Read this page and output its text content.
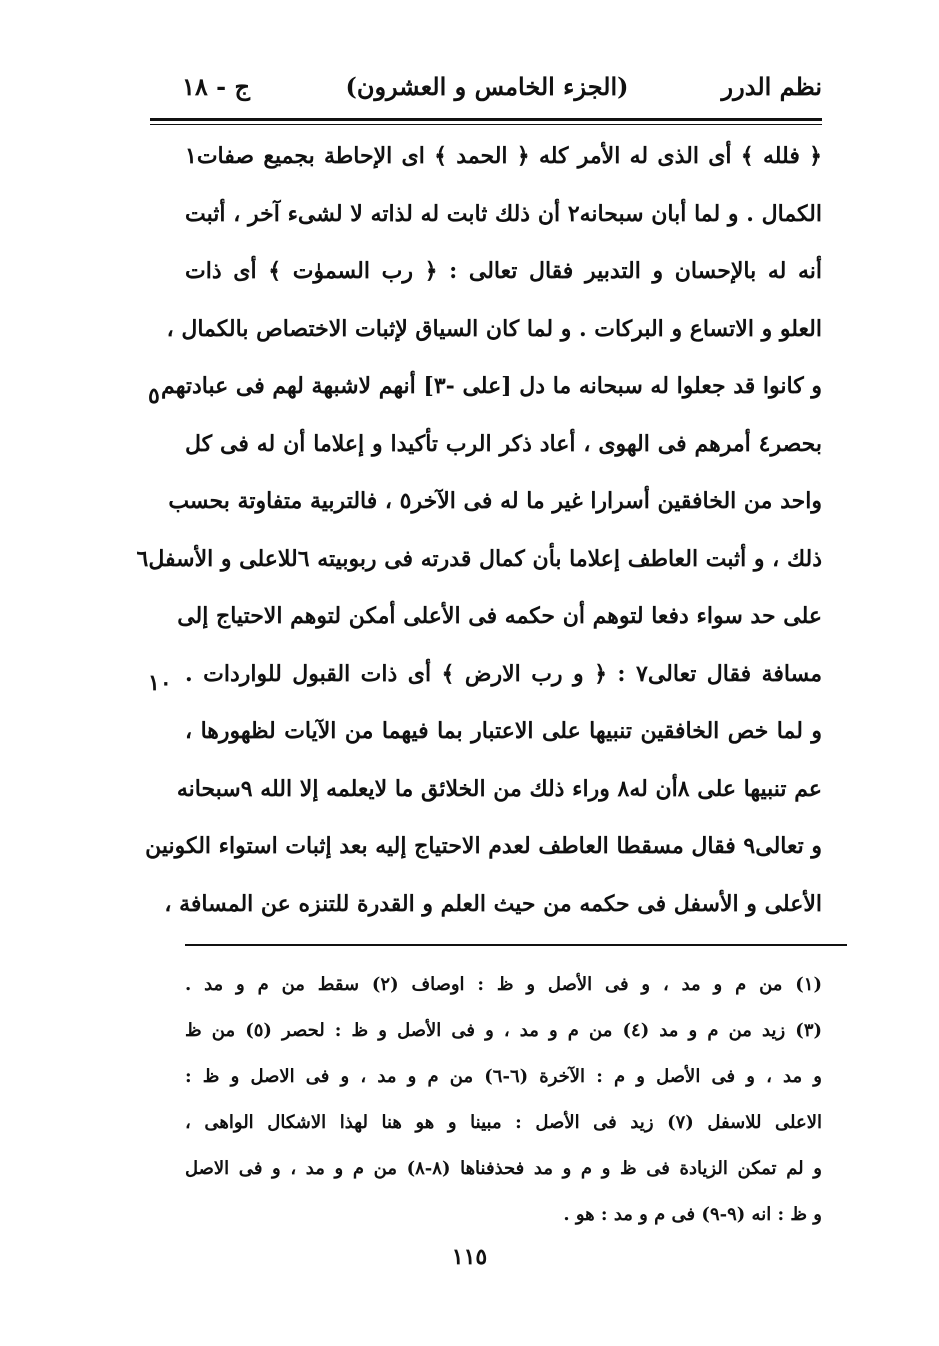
نظم الدرر
(الجزء الخامس و العشرون)
ج - ١٨
﴿ فلله ﴾ أى الذى له الأمر كله ﴿ الحمد ﴾ اى الإحاطة بجميع صفات١
الكمال . و لما أبان سبحانه٢ أن ذلك ثابت له لذاته لا لشىء آخر ، أثبت
أنه له بالإحسان و التدبير فقال تعالى : ﴿ رب السموٰت ﴾ أى ذات
العلو و الاتساع و البركات . و لما كان السياق لإثبات الاختصاص بالكمال ،
و كانوا قد جعلوا له سبحانه ما دل [على -٣] أنهم لاشبهة لهم فى عبادتهم
بحصر٤ أمرهم فى الهوى ، أعاد ذكر الرب تأكيدا و إعلاما أن له فى كل
واحد من الخافقين أسرارا غير ما له فى الآخر٥ ، فالتربية متفاوتة بحسب
ذلك ، و أثبت العاطف إعلاما بأن كمال قدرته فى ربوبيته ٦للاعلى و الأسفل٦
على حد سواء دفعا لتوهم أن حكمه فى الأعلى أمكن لتوهم الاحتياج إلى
مسافة فقال تعالى٧ : ﴿ و رب الارض ﴾ أى ذات القبول للواردات .
و لما خص الخافقين تنبيها على الاعتبار بما فيهما من الآيات لظهورها ،
عم تنبيها على ٨أن له٨ وراء ذلك من الخلائق ما لايعلمه إلا الله ٩سبحانه
و تعالى٩ فقال مسقطا العاطف لعدم الاحتياج إليه بعد إثبات استواء الكونين
الأعلى و الأسفل فى حكمه من حيث العلم و القدرة للتنزه عن المسافة ،
٥
١٠
(١) من م و مد ، و فى الأصل و ظ : اوصاف (٢) سقط من م و مد .
(٣) زيد من م و مد (٤) من م و مد ، و فى الأصل و ظ : لحصر (٥) من ظ
و مد ، و فى الأصل و م : الآخرة (٦-٦) من م و مد ، و فى الاصل و ظ :
الاعلى للاسفل (٧) زيد فى الأصل : مبينا و هو هنا لهذا الاشكال الواهى ،
و لم تمكن الزيادة فى ظ و م و مد فحذفناها (٨-٨) من م و مد ، و فى الاصل
و ظ : انه (٩-٩) فى م و مد : هو .
١١٥
